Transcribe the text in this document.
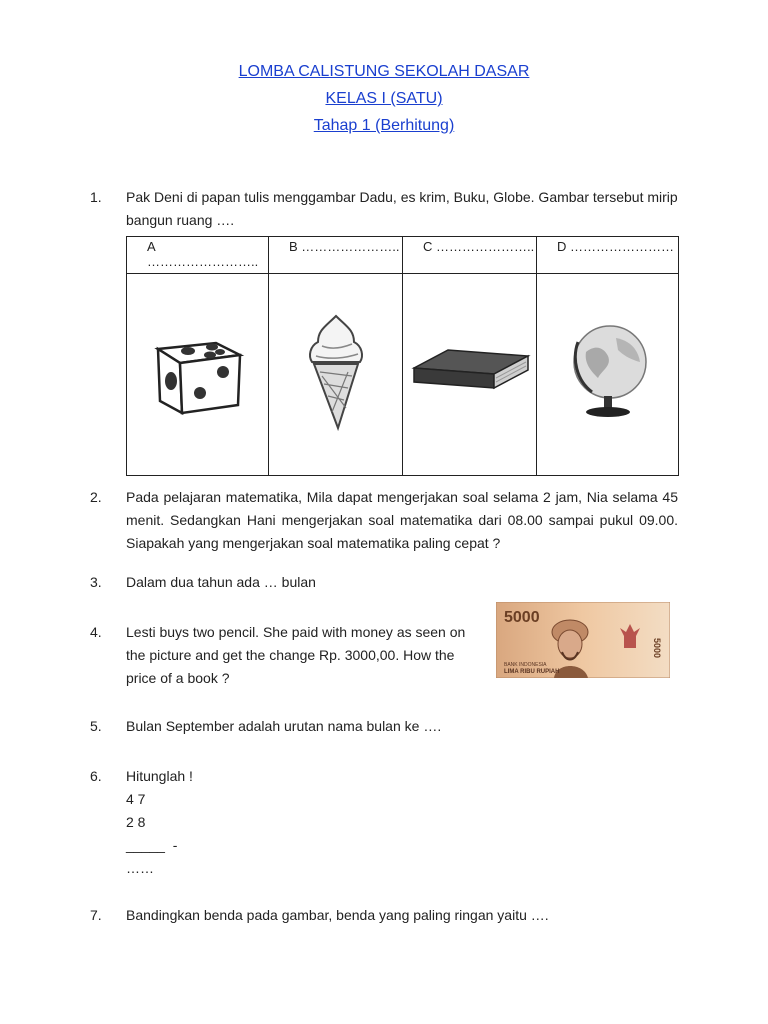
LOMBA CALISTUNG SEKOLAH DASAR
KELAS I (SATU)
Tahap 1 (Berhitung)
1. Pak Deni di papan tulis menggambar Dadu, es krim, Buku, Globe. Gambar tersebut mirip bangun ruang ….
A ……………………..	B …………………..	C …………………..	D ……………………

2. Pada pelajaran matematika, Mila dapat mengerjakan soal selama 2 jam, Nia selama 45 menit. Sedangkan Hani mengerjakan soal matematika dari 08.00 sampai pukul 09.00. Siapakah yang mengerjakan soal matematika paling cepat ?
3. Dalam dua tahun ada … bulan
4. Lesti buys two pencil. She paid with money as seen on the picture and get the change Rp. 3000,00. How the price of a book ?
5000
5000
BANK INDONESIA
LIMA RIBU RUPIAH
5. Bulan September adalah urutan nama bulan ke ….
6. Hitunglah !
4 7
2 8
_____  -
……
7. Bandingkan benda pada gambar, benda yang paling ringan yaitu ….
